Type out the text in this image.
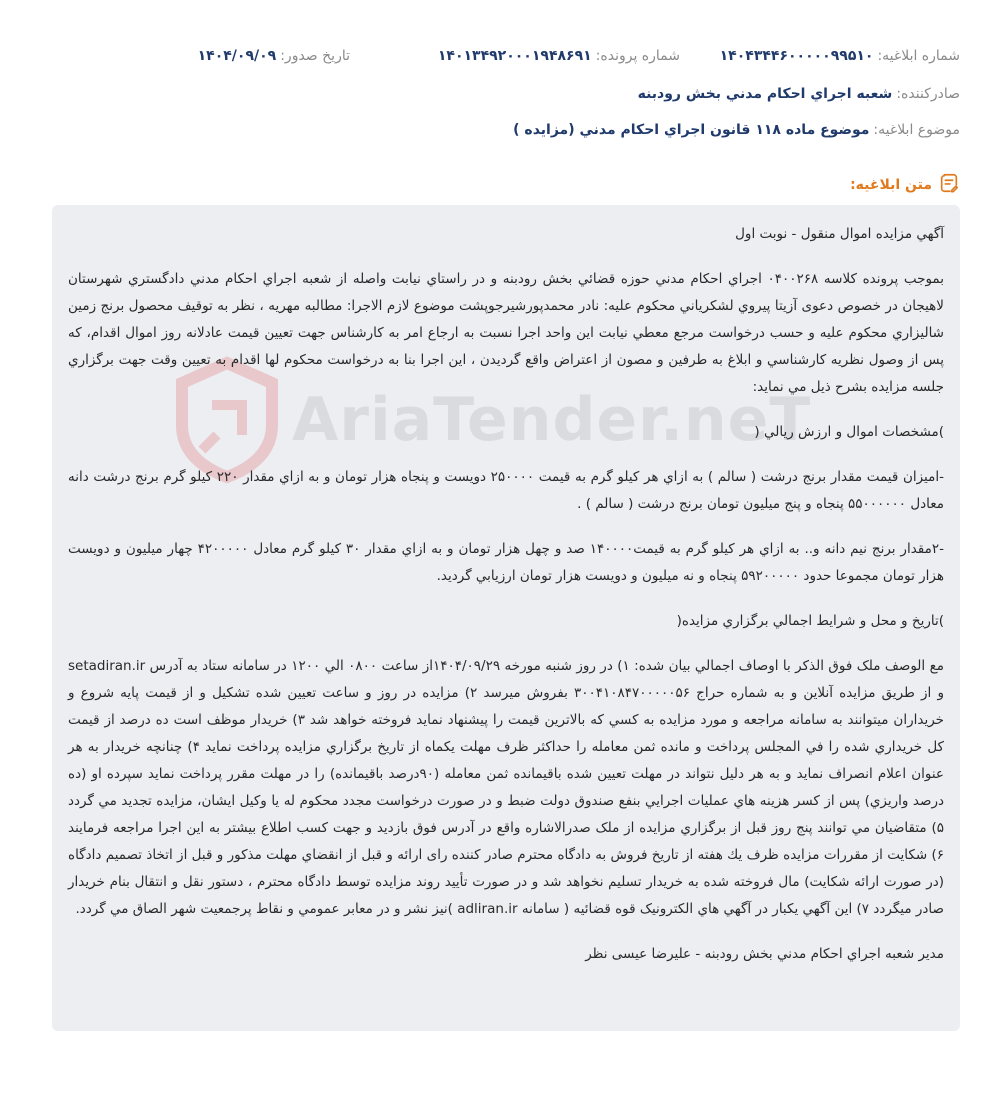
شماره ابلاغيه:
۱۴۰۴۳۴۴۶۰۰۰۰۰۹۹۵۱۰
شماره پرونده:
۱۴۰۱۳۴۹۲۰۰۰۱۹۴۸۶۹۱
تاريخ صدور:
۱۴۰۴/۰۹/۰۹
صادرکننده:
شعبه اجراي احکام مدني بخش رودبنه
موضوع ابلاغيه:
موضوع ماده ۱۱۸ قانون اجراي احکام مدني (مزايده )
متن ابلاغيه:
AriaTender.neT

آگهي مزايده اموال منقول - نوبت اول

بموجب پرونده کلاسه ۰۴۰۰۲۶۸ اجراي احکام مدني حوزه قضائي بخش رودبنه و در راستاي نيابت واصله از شعبه اجراي احکام مدني دادگستري شهرستان لاهيجان در خصوص دعوی آزيتا پيروي لشکرياني محکوم عليه: نادر محمدپورشيرجوپشت موضوع لازم الاجرا: مطالبه مهريه ، نظر به توقيف محصول برنج زمين شاليزاري محکوم عليه و حسب درخواست مرجع معطي نيابت اين واحد اجرا نسبت به ارجاع امر به کارشناس جهت تعيين قيمت عادلانه روز اموال اقدام، که پس از وصول نظريه کارشناسي و ابلاغ به طرفين و مصون از اعتراض واقع گرديدن ، اين اجرا بنا به درخواست محکوم لها اقدام به تعيين وقت جهت برگزاري جلسه مزايده بشرح ذيل مي نمايد:

)مشخصات اموال و ارزش ريالي (

-امیزان قيمت مقدار برنج درشت ( سالم ) به ازاي هر کيلو گرم به قيمت ۲۵۰۰۰۰ دويست و پنجاه هزار تومان و به ازاي مقدار ۲۲۰ کيلو گرم برنج درشت دانه معادل ۵۵۰۰۰۰۰۰ پنجاه و پنج ميليون تومان برنج درشت ( سالم ) .

-۲مقدار برنج نيم دانه و.. به ازاي هر کيلو گرم به قيمت۱۴۰۰۰۰ صد و چهل هزار تومان و به ازاي مقدار ۳۰ کيلو گرم معادل ۴۲۰۰۰۰۰ چهار ميليون و دويست هزار تومان مجموعا حدود ۵۹۲۰۰۰۰۰ پنجاه و نه ميليون و دويست هزار تومان ارزيابي گرديد.

)تاريخ و محل و شرايط اجمالي برگزاري مزايده(

مع الوصف ملک فوق الذکر با اوصاف اجمالي بيان شده: ۱) در روز شنبه مورخه ۱۴۰۴/۰۹/۲۹از ساعت ۰۸۰۰ الي ۱۲۰۰ در سامانه ستاد به آدرس setadiran.ir و از طريق مزايده آنلاين و به شماره حراج ۳۰۰۴۱۰۸۴۷۰۰۰۰۰۵۶ بفروش ميرسد ۲) مزايده در روز و ساعت تعيين شده تشکيل و از قيمت پايه شروع و خريداران ميتوانند به سامانه مراجعه و مورد مزايده به کسي که بالاترين قيمت را پيشنهاد نمايد فروخته خواهد شد ۳) خريدار موظف است ده درصد از قيمت کل خريداري شده را في المجلس پرداخت و مانده ثمن معامله را حداکثر ظرف مهلت يکماه از تاريخ برگزاري مزايده پرداخت نمايد ۴) چنانچه خريدار به هر عنوان اعلام انصراف نمايد و به هر دليل نتواند در مهلت تعيين شده باقيمانده ثمن معامله (۹۰درصد باقيمانده) را در مهلت مقرر پرداخت نمايد سپرده او (ده درصد واريزي) پس از کسر هزينه هاي عمليات اجرايي بنفع صندوق دولت ضبط و در صورت درخواست مجدد محکوم له يا وکيل ايشان، مزايده تجديد مي گردد ۵) متقاضيان مي توانند پنج روز قبل از برگزاري مزايده از ملک صدرالاشاره واقع در آدرس فوق بازديد و جهت کسب اطلاع بيشتر به اين اجرا مراجعه فرمايند ۶) شکايت از مقررات مزايده ظرف يك هفته از تاريخ فروش به دادگاه محترم صادر کننده رای ارائه و قبل از انقضاي مهلت مذکور و قبل از اتخاذ تصميم دادگاه (در صورت ارائه شکايت) مال فروخته شده به خريدار تسليم نخواهد شد و در صورت تأييد روند مزايده توسط دادگاه محترم ، دستور نقل و انتقال بنام خريدار صادر ميگردد ۷) اين آگهي يکبار در آگهي هاي الکترونيک قوه قضائيه ( سامانه adliran.ir )نيز نشر و در معابر عمومي و نقاط پرجمعيت شهر الصاق مي گردد.

مدير شعبه اجراي احکام مدني بخش رودبنه - عليرضا عيسی نظر
